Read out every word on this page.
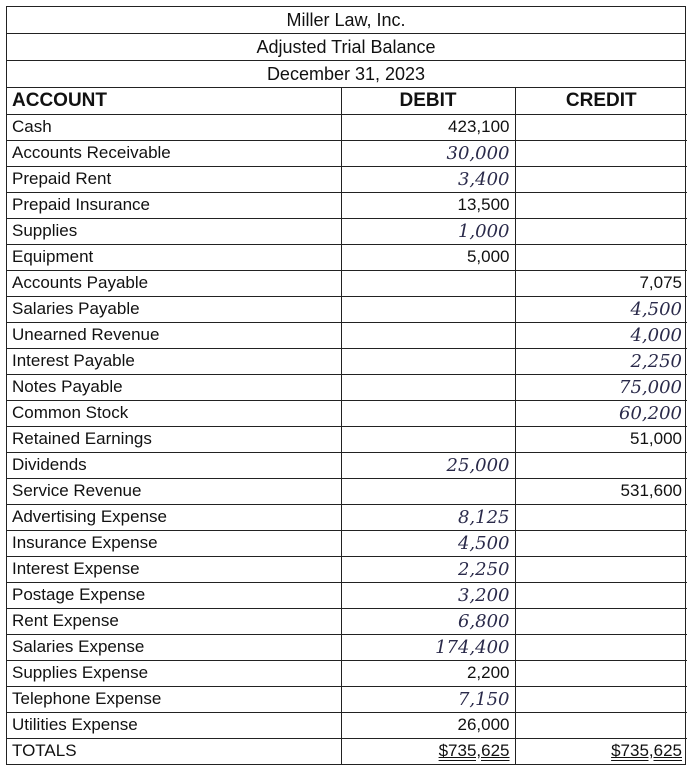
Miller Law, Inc.
Adjusted Trial Balance
December 31, 2023
ACCOUNT	DEBIT	CREDIT
Cash	423,100	
Accounts Receivable	30,000	
Prepaid Rent	3,400	
Prepaid Insurance	13,500	
Supplies	1,000	
Equipment	5,000	
Accounts Payable		7,075
Salaries Payable		4,500
Unearned Revenue		4,000
Interest Payable		2,250
Notes Payable		75,000
Common Stock		60,200
Retained Earnings		51,000
Dividends	25,000	
Service Revenue		531,600
Advertising Expense	8,125	
Insurance Expense	4,500	
Interest Expense	2,250	
Postage Expense	3,200	
Rent Expense	6,800	
Salaries Expense	174,400	
Supplies Expense	2,200	
Telephone Expense	7,150	
Utilities Expense	26,000	
TOTALS	$735,625	$735,625
